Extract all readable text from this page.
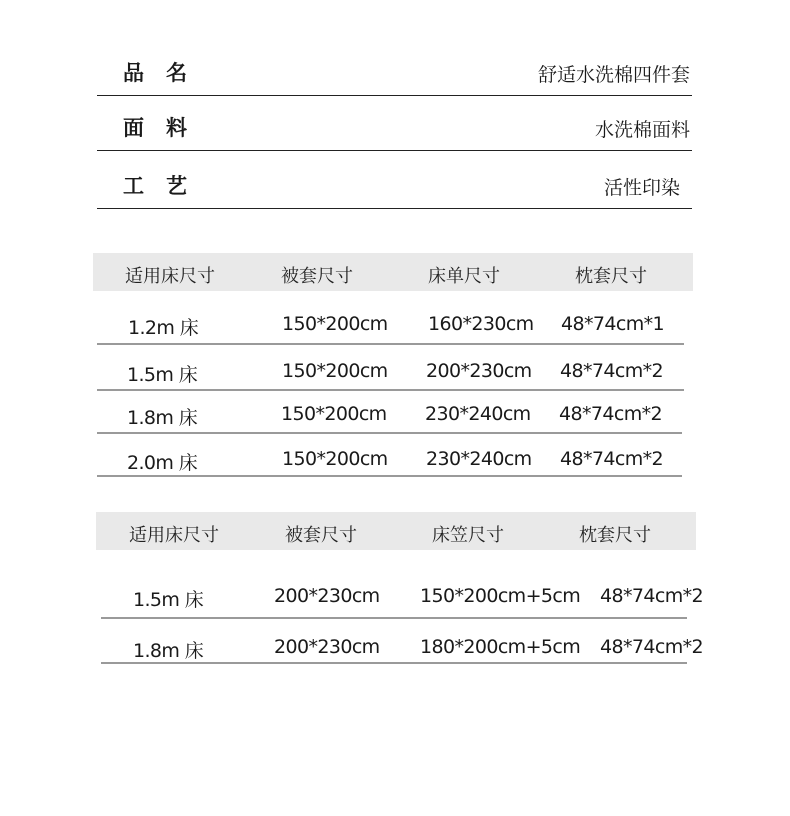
品名	舒适水洗棉四件套
面料	水洗棉面料
工艺	活性印染
适用床尺寸	被套尺寸	床单尺寸	枕套尺寸
1.2m 床	150*200cm 160*230cm 48*74cm*1
1.5m 床	150*200cm 200*230cm 48*74cm*2
1.8m 床	150*200cm 230*240cm 48*74cm*2
2.0m 床	150*200cm 230*240cm 48*74cm*2
适用床尺寸	被套尺寸	床笠尺寸	枕套尺寸
1.5m 床	200*230cm 150*200cm+5cm 48*74cm*2
1.8m 床	200*230cm 180*200cm+5cm 48*74cm*2
